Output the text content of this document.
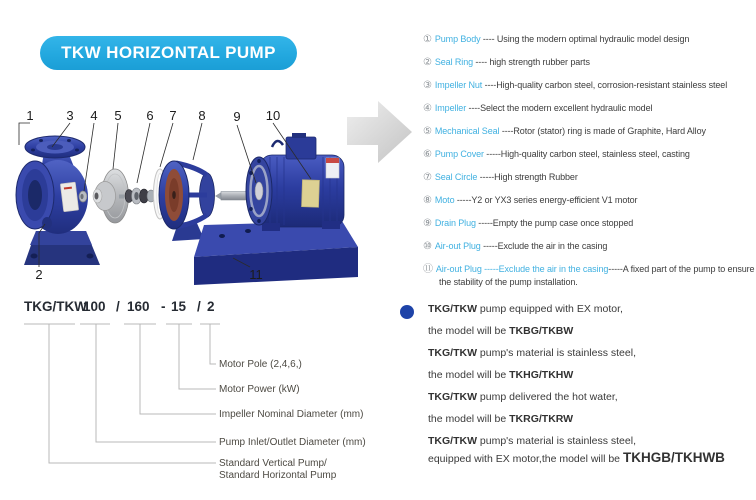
TKW HORIZONTAL PUMP
1	3 4 5 6 7 8 9 10
2	11
① Pump Body ---- Using the modern optimal hydraulic model design
② Seal Ring ---- high strength rubber parts
③ Impeller Nut ----High-quality carbon steel, corrosion-resistant stainless steel
④ Impeller ----Select the modern excellent hydraulic model
⑤ Mechanical Seal ----Rotor (stator) ring is made of Graphite, Hard Alloy
⑥ Pump Cover -----High-quality carbon steel, stainless steel, casting
⑦ Seal Circle -----High strength Rubber
⑧ Moto -----Y2 or YX3 series energy-efficient V1 motor
⑨ Drain Plug -----Empty the pump case once stopped
⑩ Air-out Plug -----Exclude the air in the casing
⑪ Air-out Plug -----Exclude the air in the casing-----A fixed part of the pump to ensure the stability of the pump installation.
TKG/TKW
100 / 160 - 15 / 2
Motor Pole (2,4,6,)
Motor Power (kW)
Impeller Nominal Diameter (mm)
Pump Inlet/Outlet Diameter (mm)
Standard Vertical Pump/
Standard Horizontal Pump
TKG/TKW pump equipped with EX motor,
the model will be TKBG/TKBW
TKG/TKW pump's material is stainless steel,
the model will be TKHG/TKHW
TKG/TKW pump delivered the hot water,
the model will be TKRG/TKRW
TKG/TKW pump's material is stainless steel,
equipped with EX motor,the model will be TKHGB/TKHWB
